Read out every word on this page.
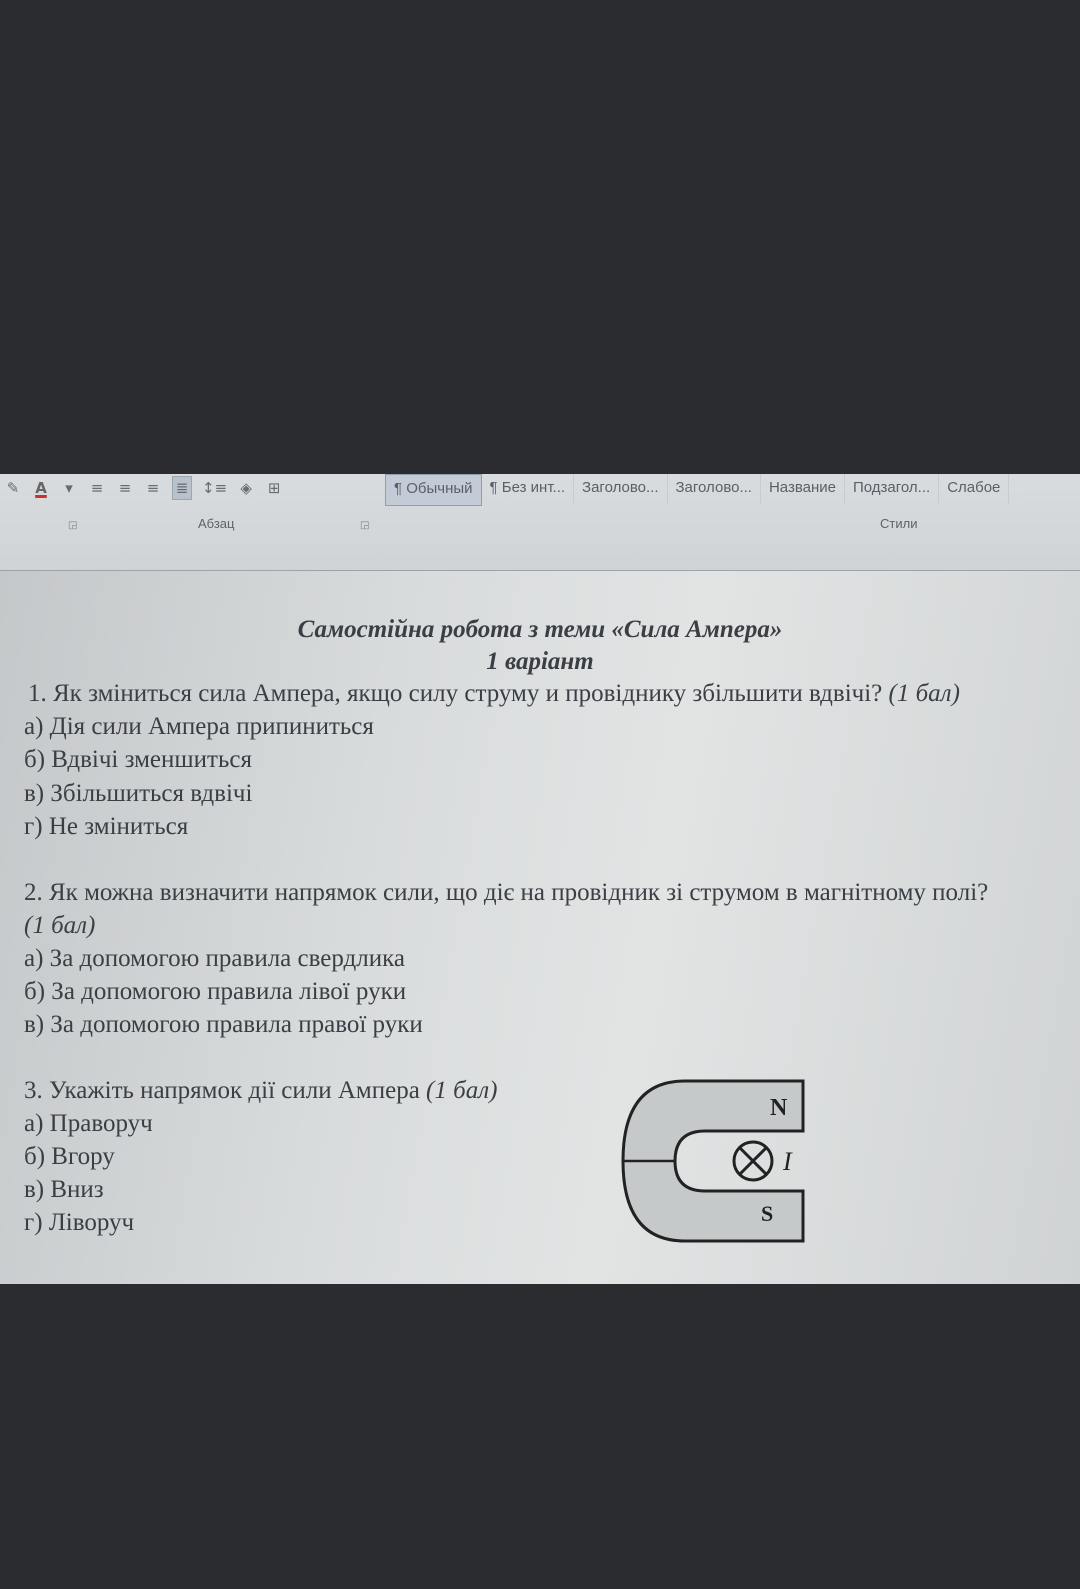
✎ A	▾	≡ ≡ ≡ ≣ ↕≡ ◈ ⊞	¶ Обычный	¶ Без инт...	Заголово...	Заголово...	Название	Подзагол...	Слабое
◲	Абзац	◲	Стили
Самостійна робота з теми «Сила Ампера»
1 варіант
1. Як зміниться сила Ампера, якщо силу струму и провіднику збільшити вдвічі? (1 бал)
а) Дія сили Ампера припиниться
б) Вдвічі зменшиться
в) Збільшиться вдвічі
г) Не зміниться
2. Як можна визначити напрямок сили, що діє на провідник зі струмом в магнітному полі?
(1 бал)
а) За допомогою правила свердлика
б) За допомогою правила лівої руки
в) За допомогою правила правої руки
3. Укажіть напрямок дії сили Ампера (1 бал)
а) Праворуч
б) Вгору
в) Вниз
г) Ліворуч
N
S
I
